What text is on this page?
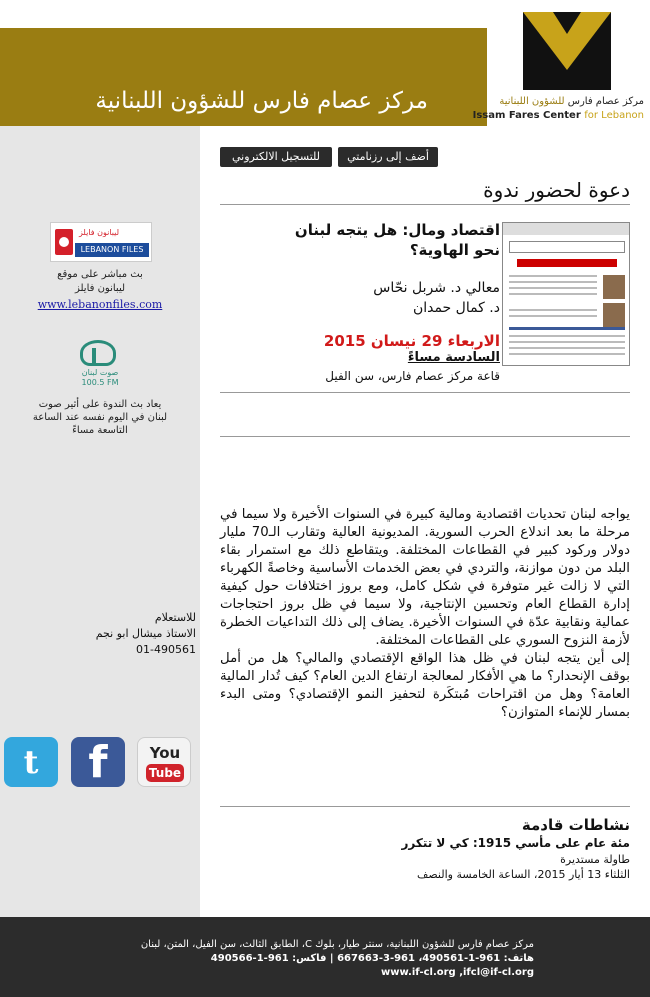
مركز عصام فارس للشؤون اللبنانية	مركز عصام فارس للشؤون اللبنانية
Issam Fares Center for Lebanon
ليبانون فايلز
LEBANON FILES
بث مباشر على موقع
ليبانون فايلز
www.lebanonfiles.com
صوت لبنان
100.5 FM
يعاد بث الندوة على أثير صوت
لبنان في اليوم نفسه عند الساعة
التاسعة مساءً
للاستعلام
الاستاذ ميشال ابو نجم
01-490561
t	f	You
Tube
للتسجيل الالكتروني	أضف إلى رزنامتي
دعوة لحضور ندوة
اقتصاد ومال: هل يتجه لبنان نحو الهاوية؟
معالي د. شربل نحّاس
د. كمال حمدان
الاربعاء 29 نيسان 2015
السادسة مساءً
قاعة مركز عصام فارس، سن الفيل

يواجه لبنان تحديات اقتصادية ومالية كبيرة في السنوات الأخيرة ولا سيما في مرحلة ما بعد اندلاع الحرب السورية. المديونية العالية وتقارب الـ70 مليار دولار وركود كبير في القطاعات المختلفة. ويتقاطع ذلك مع استمرار بقاء البلد من دون موازنة، والتردي في بعض الخدمات الأساسية وخاصةً الكهرباء التي لا زالت غير متوفرة في شكل كامل، ومع بروز اختلافات حول كيفية إدارة القطاع العام وتحسين الإنتاجية، ولا سيما في ظل بروز احتجاجات عمالية ونقابية عدّة في السنوات الأخيرة. يضاف إلى ذلك التداعيات الخطرة لأزمة النزوح السوري على القطاعات المختلفة.

إلى أين يتجه لبنان في ظل هذا الواقع الإقتصادي والمالي؟ هل من أمل بوقف الإنحدار؟ ما هي الأفكار لمعالجة ارتفاع الدين العام؟ كيف تُدار المالية العامة؟ وهل من اقتراحات مُبتكَرة لتحفيز النمو الإقتصادي؟ ومتى البدء بمسار للإنماء المتوازن؟

نشاطات قادمة
مئة عام على مأسي 1915: كي لا تتكرر
طاولة مستديرة
الثلثاء 13 أيار 2015، الساعة الخامسة والنصف
مركز عصام فارس للشؤون اللبنانية، سنتر طيار، بلوك C، الطابق الثالث، سن الفيل، المتن، لبنان
هاتف: 961-1-490561، 961-3-667663 | فاكس: 961-1-490566
www.if-cl.org ,ifcl@if-cl.org
